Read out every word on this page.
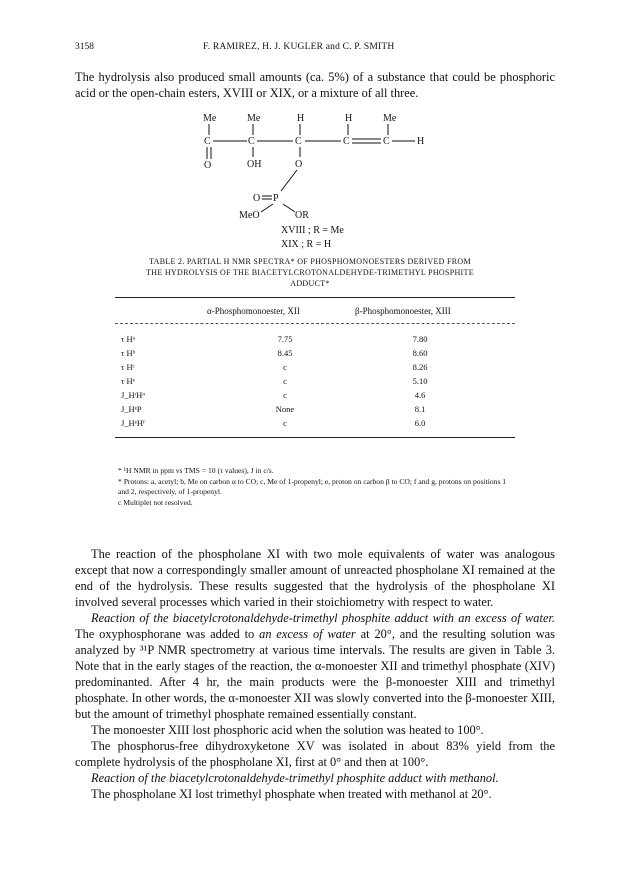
3158	F. RAMIREZ, H. J. KUGLER and C. P. SMITH

The hydrolysis also produced small amounts (ca. 5%) of a substance that could be phosphoric acid or the open-chain esters, XVIII or XIX, or a mixture of all three.

Me	Me	H	H	Me
C	C	C	C	C	H
O	OH	O
O P
MeO	OR
XVIII ; R = Me
XIX ; R = H
TABLE 2. PARTIAL H NMR SPECTRA* OF PHOSPHOMONOESTERS DERIVED FROM
THE HYDROLYSIS OF THE BIACETYLCROTONALDEHYDE-TRIMETHYL PHOSPHITE
ADDUCT*
α-Phosphomonoester, XII	β-Phosphomonoester, XIII
τ Hᵃ	7.75	7.80
τ Hᵇ	8.45	8.60
τ Hᶜ	c	8.26
τ Hᵉ	c	5.10
J_HᶦHᶦᶦ	c	4.6
J_HᵉP	None	8.1
J_HᵉHᶠ	c	6.0
* ¹H NMR in ppm vs TMS = 10 (τ values), J in c/s.
* Protons: a, acetyl; b, Me on carbon α to CO; c, Me of 1-propenyl; e, proton on carbon β to CO; f and g, protons on positions 1 and 2, respectively, of 1-propenyl.
c Multiplet not resolved.

The reaction of the phospholane XI with two mole equivalents of water was analogous except that now a correspondingly smaller amount of unreacted phospholane XI remained at the end of the hydrolysis. These results suggested that the hydrolysis of the phospholane XI involved several processes which varied in their stoichiometry with respect to water.

Reaction of the biacetylcrotonaldehyde-trimethyl phosphite adduct with an excess of water. The oxyphosphorane was added to an excess of water at 20°, and the resulting solution was analyzed by ³¹P NMR spectrometry at various time intervals. The results are given in Table 3. Note that in the early stages of the reaction, the α-monoester XII and trimethyl phosphate (XIV) predominanted. After 4 hr, the main products were the β-monoester XIII and trimethyl phosphate. In other words, the α-monoester XII was slowly converted into the β-monoester XIII, but the amount of trimethyl phosphate remained essentially constant.

The monoester XIII lost phosphoric acid when the solution was heated to 100°.

The phosphorus-free dihydroxyketone XV was isolated in about 83% yield from the complete hydrolysis of the phospholane XI, first at 0° and then at 100°.

Reaction of the biacetylcrotonaldehyde-trimethyl phosphite adduct with methanol.

The phospholane XI lost trimethyl phosphate when treated with methanol at 20°.
